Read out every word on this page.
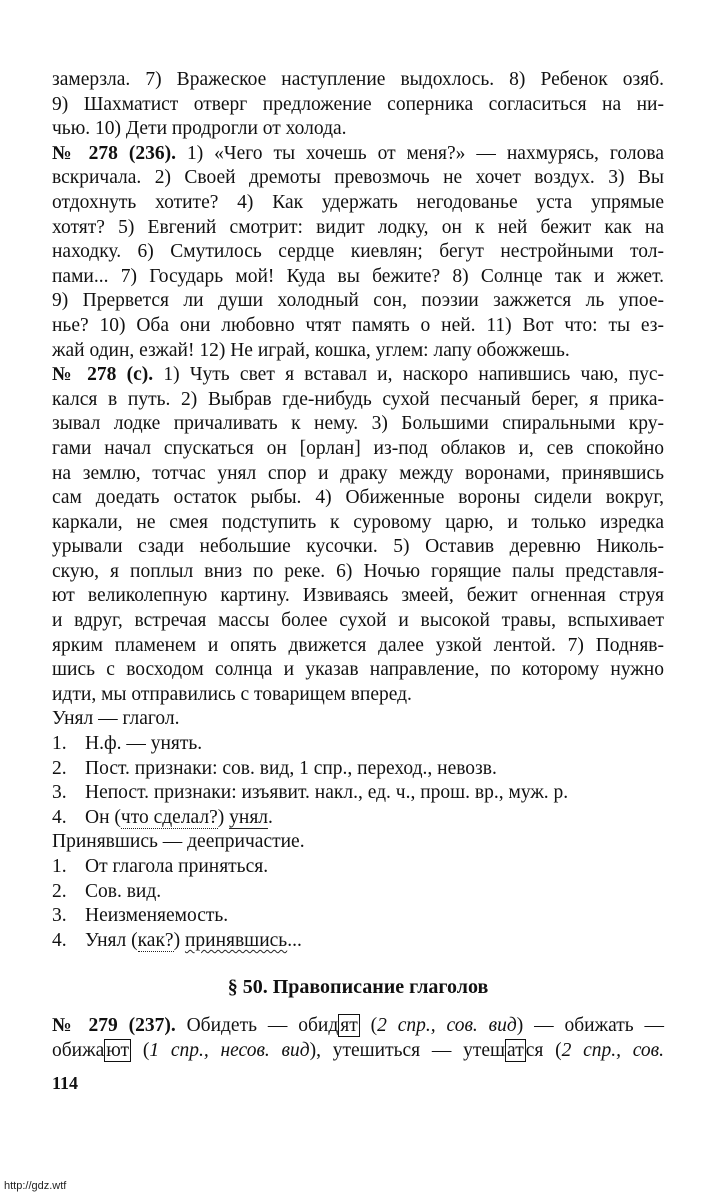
замерзла. 7) Вражеское наступление выдохлось. 8) Ребенок озяб.
9) Шахматист отверг предложение соперника согласиться на ни-
чью. 10) Дети продрогли от холода.

№ 278 (236). 1) «Чего ты хочешь от меня?» — нахмурясь, голова
вскричала. 2) Своей дремоты превозмочь не хочет воздух. 3) Вы
отдохнуть хотите? 4) Как удержать негодованье уста упрямые
хотят? 5) Евгений смотрит: видит лодку, он к ней бежит как на
находку. 6) Смутилось сердце киевлян; бегут нестройными тол-
пами... 7) Государь мой! Куда вы бежите? 8) Солнце так и жжет.
9) Прервется ли души холодный сон, поэзии зажжется ль упое-
нье? 10) Оба они любовно чтят память о ней. 11) Вот что: ты ез-
жай один, езжай! 12) Не играй, кошка, углем: лапу обожжешь.

№ 278 (с). 1) Чуть свет я вставал и, наскоро напившись чаю, пус-
кался в путь. 2) Выбрав где-нибудь сухой песчаный берег, я прика-
зывал лодке причаливать к нему. 3) Большими спиральными кру-
гами начал спускаться он [орлан] из-под облаков и, сев спокойно
на землю, тотчас унял спор и драку между воронами, принявшись
сам доедать остаток рыбы. 4) Обиженные вороны сидели вокруг,
каркали, не смея подступить к суровому царю, и только изредка
урывали сзади небольшие кусочки. 5) Оставив деревню Николь-
скую, я поплыл вниз по реке. 6) Ночью горящие палы представля-
ют великолепную картину. Извиваясь змеей, бежит огненная струя
и вдруг, встречая массы более сухой и высокой травы, вспыхивает
ярким пламенем и опять движется далее узкой лентой. 7) Подняв-
шись с восходом солнца и указав направление, по которому нужно
идти, мы отправились с товарищем вперед.

Унял — глагол.
1. Н.ф. — унять.
2. Пост. признаки: сов. вид, 1 спр., переход., невозв.
3. Непост. признаки: изъявит. накл., ед. ч., прош. вр., муж. р.
4. Он (что сделал?) унял.
Принявшись — деепричастие.
1. От глагола приняться.
2. Сов. вид.
3. Неизменяемость.
4. Унял (как?) принявшись...
§ 50. Правописание глаголов

№ 279 (237). Обидеть — обид ят (2 спр., сов. вид) — обижать —
обижа ют (1 спр., несов. вид), утешиться — утеш ат ся (2 спр., сов.

114
http://gdz.wtf
